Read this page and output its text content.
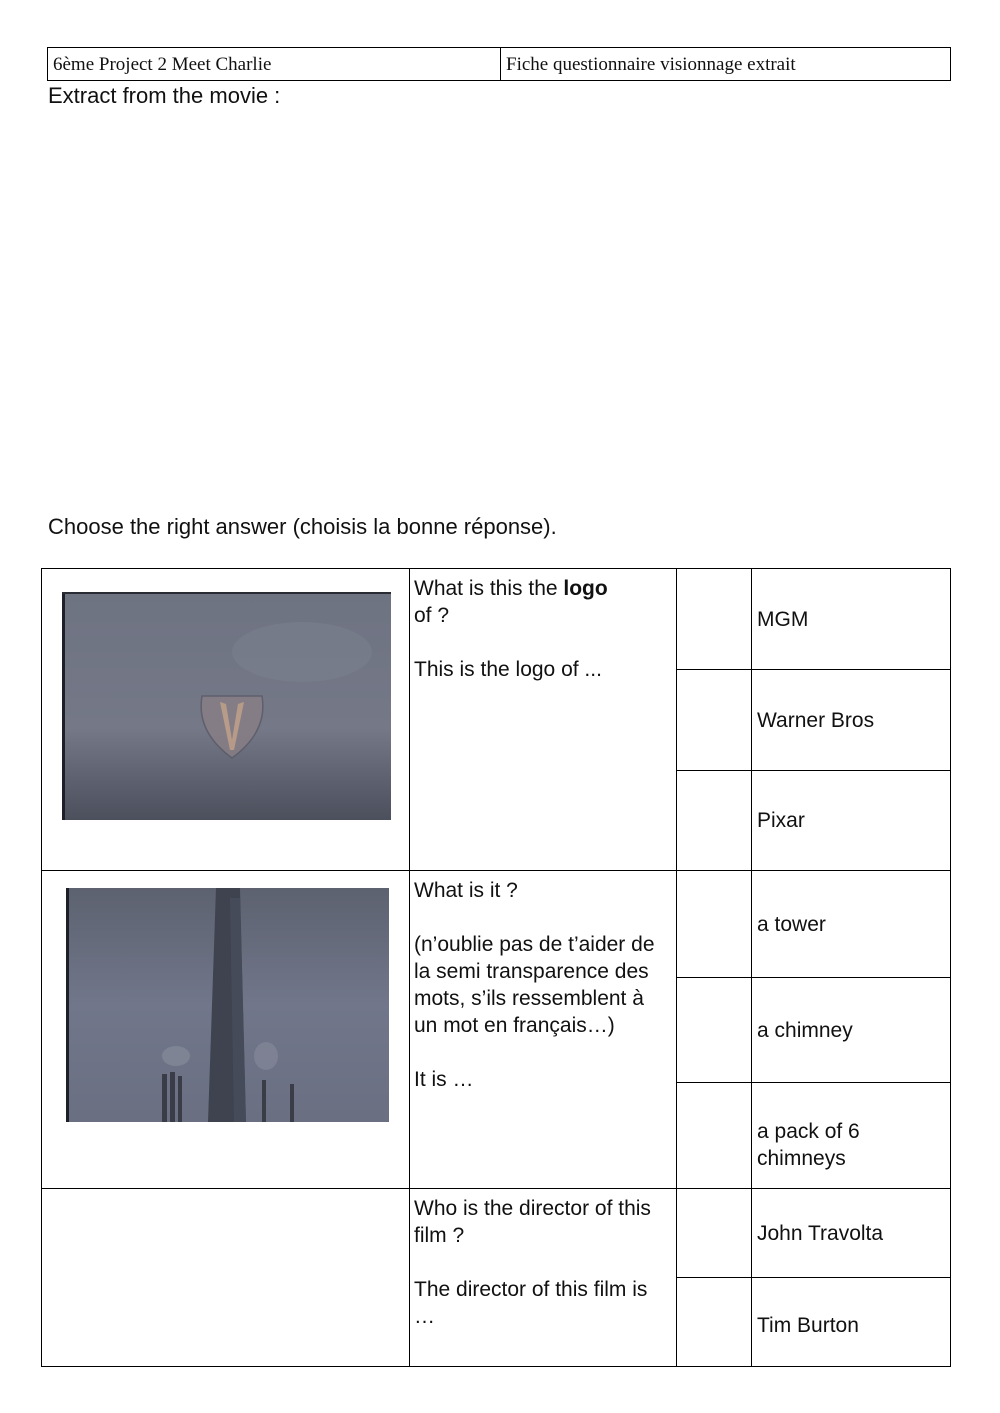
6ème Project 2 Meet Charlie	Fiche questionnaire visionnage extrait
Extract from the movie :
Choose the right answer (choisis la bonne réponse).

What is this the logo
of ?

This is the logo of ...

MGM
Warner Bros
Pixar

What is it ?

(n’oublie pas de t’aider de la semi transparence des mots, s’ils ressemblent à un mot en français…)

It is …

a tower
a chimney
a pack of 6 chimneys

Who is the director of this film ?

The director of this film is …

John Travolta
Tim Burton
